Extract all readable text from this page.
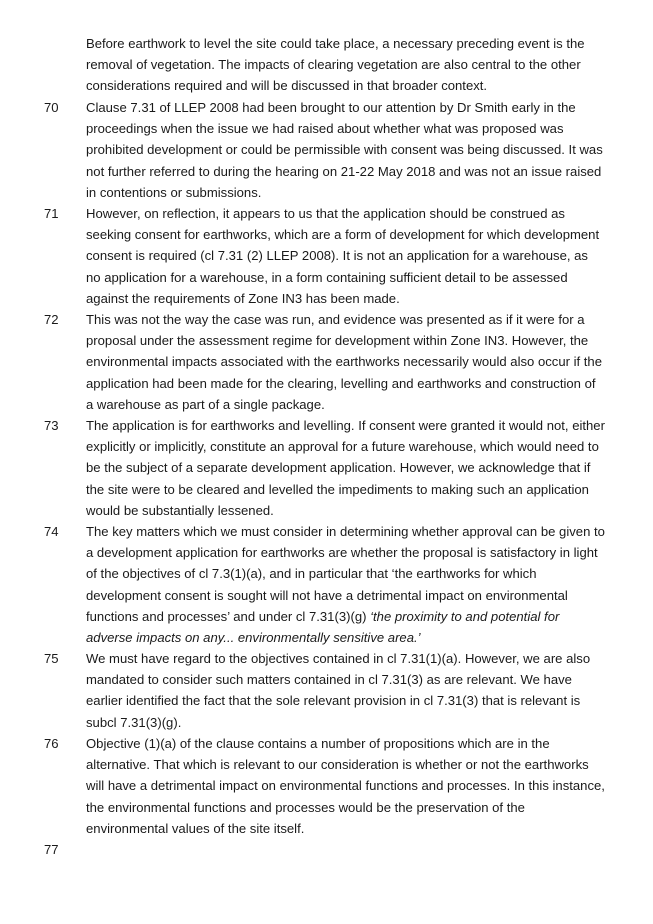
Before earthwork to level the site could take place, a necessary preceding event is the removal of vegetation. The impacts of clearing vegetation are also central to the other considerations required and will be discussed in that broader context.

70 Clause 7.31 of LLEP 2008 had been brought to our attention by Dr Smith early in the proceedings when the issue we had raised about whether what was proposed was prohibited development or could be permissible with consent was being discussed. It was not further referred to during the hearing on 21-22 May 2018 and was not an issue raised in contentions or submissions.

71 However, on reflection, it appears to us that the application should be construed as seeking consent for earthworks, which are a form of development for which development consent is required (cl 7.31 (2) LLEP 2008). It is not an application for a warehouse, as no application for a warehouse, in a form containing sufficient detail to be assessed against the requirements of Zone IN3 has been made.

72 This was not the way the case was run, and evidence was presented as if it were for a proposal under the assessment regime for development within Zone IN3. However, the environmental impacts associated with the earthworks necessarily would also occur if the application had been made for the clearing, levelling and earthworks and construction of a warehouse as part of a single package.

73 The application is for earthworks and levelling. If consent were granted it would not, either explicitly or implicitly, constitute an approval for a future warehouse, which would need to be the subject of a separate development application. However, we acknowledge that if the site were to be cleared and levelled the impediments to making such an application would be substantially lessened.

74 The key matters which we must consider in determining whether approval can be given to a development application for earthworks are whether the proposal is satisfactory in light of the objectives of cl 7.3(1)(a), and in particular that ‘the earthworks for which development consent is sought will not have a detrimental impact on environmental functions and processes’ and under cl 7.31(3)(g) ‘the proximity to and potential for adverse impacts on any... environmentally sensitive area.’

75 We must have regard to the objectives contained in cl 7.31(1)(a). However, we are also mandated to consider such matters contained in cl 7.31(3) as are relevant. We have earlier identified the fact that the sole relevant provision in cl 7.31(3) that is relevant is subcl 7.31(3)(g).

76 Objective (1)(a) of the clause contains a number of propositions which are in the alternative. That which is relevant to our consideration is whether or not the earthworks will have a detrimental impact on environmental functions and processes. In this instance, the environmental functions and processes would be the preservation of the environmental values of the site itself.

77
